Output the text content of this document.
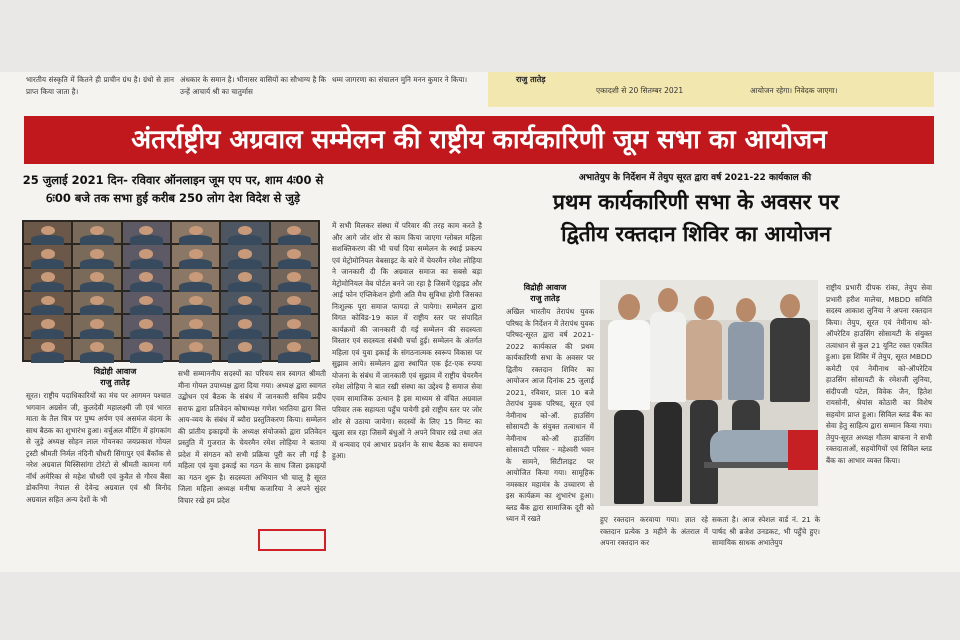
भारतीय संस्कृति में कितने ही प्राचीन ग्रंथ है। ग्रंथो से ज्ञान प्राप्त किया जाता है।
अंधकार के समान है। भीनासर वासियों का सौभाग्य है कि उन्हें आचार्य श्री का चातुर्मास
धम्म जागरणा का संचालन मुनि मनन कुमार ने किया।	राजु तातेड़
एकादशी से 20 सितम्बर 2021	आयोजन रहेगा। निवेदक जाएगा।
अंतर्राष्ट्रीय अग्रवाल सम्मेलन की राष्ट्रीय कार्यकारिणी जूम सभा का आयोजन
25 जुलाई 2021 दिन- रविवार ऑनलाइन जूम एप पर, शाम 4ः00 से
6ः00 बजे तक सभा हुई करीब 250 लोग देश विदेश से जुड़े
विद्रोही आवाज
राजु तातेड़
सूरत। राष्ट्रीय पदाधिकारियों का मंच पर आगमन पश्चात भगवान अग्रसेन जी, कुलदेवी महालक्ष्मी जी एवं भारत माता के तैल चित्र पर पुष्प अर्पण एवं असमंज वंदना के साथ बैठक का शुभारंभ हुआ। वर्चुअल मीटिंग में हांगकांग से जुड़े अध्यक्ष सोहन लाल गोयनका जयप्रकाश गोयल ट्रस्टी श्रीमती निर्मल नंदिनी चौधरी सिंगापुर एवं बैंकॉक से नरेश अग्रवाल मिस्सिसांगा टोरंटो से श्रीमती कामना गर्ग नॉर्थ अमेरिका से महेश चौधरी एवं कुवैत से गौरव बैंसा डोकनिया नेपाल से देवेन्द्र अग्रवाल एवं श्री विनोद अग्रवाल सहित अन्य देशों के भी
सभी सम्माननीय सदस्यों का परिचय सत्र स्वागत श्रीमती मीना गोयल उपाध्यक्ष द्वारा दिया गया। अध्यक्ष द्वारा स्वागत उद्बोधन एवं बैठक के संबंध में जानकारी सचिव प्रदीप सराफ द्वारा प्रतिवेदन कोषाध्यक्ष गणेश भरतिया द्वारा वित्त आय-व्यय के संबंध में ब्यौरा प्रस्तुतिकरण किया। सम्मेलन की प्रांतीय इकाइयों के अध्यक्ष संयोजको द्वारा प्रतिवेदन प्रस्तुति में गुजरात के चेयरमैन रमेश लोहिया ने बताया प्रदेश में संगठन को सभी प्रक्रिया पूरी कर ली गई है महिला एवं युवा इकाई का गठन के साथ जिला इकाइयों का गठन शुरू है। सदस्यता अभियान भी चालू है सूरत जिला महिला अध्यक्ष मनीषा कजारिया ने अपने सुंदर विचार रखे हम प्रदेश
में सभी मिलकर संस्था में परिवार की तरह काम करते है और आगे जोर शोर से काम किया जाएगा ग्लोबल महिला सशक्तिकरण की भी चर्चा दिया सम्मेलन के स्थाई प्रकल्प एवं मेट्रोमोनियल वेबसाइट के बारे में चेयरमैन रमेश लोहिया ने जानकारी दी कि अग्रवाल समाज का सबसे बड़ा मेट्रोमोनियल वेब पोर्टल बनने जा रहा है जिसमें एंड्राइड और आई फोन एप्लिकेशन होगी अति मैच सुविधा होगी जिसका निःशुल्क पूरा समाज फायदा ले पायेगा। सम्मेलन द्वारा विगत कोविड-19 काल में राष्ट्रीय स्तर पर संपादित कार्यक्रमों की जानकारी दी गई सम्मेलन की सदस्यता विस्तार एवं सदस्यता संबंधी चर्चा हुई। सम्मेलन के अंतर्गत महिला एवं युवा इकाई के संगठनात्मक स्वरूप विकास पर सुझाव आये। सम्मेलन द्वारा स्थापित एक ईट-एक रुपया योजना के संबंध में जानकारी एवं सुझाव में राष्ट्रीय चेयरमैन रमेश लोहिया ने बात रखी संस्था का उद्देश्य है समाज सेवा एवम सामाजिक उत्थान है इस माध्यम से वंचित अग्रवाल परिवार तक सहायता पहुँच पायेगी इसे राष्ट्रीय स्तर पर जोर शोर से उठाया जायेगा। सदस्यों के लिए 15 मिनट का खुला सत्र रहा जिसमें बंधुओं ने अपने विचार रखे तथा अंत में धन्यवाद एवं आभार प्रदर्शन के साथ बैठक का समापन हुआ।
अभातेयुप के निर्देशन में तेयुप सूरत द्वारा वर्ष 2021-22 कार्यकाल की
प्रथम कार्यकारिणी सभा के अवसर पर
द्वितीय रक्तदान शिविर का आयोजन
विद्रोही आवाज
राजु तातेड़
अखिल भारतीय तेरापंथ युवक परिषद के निर्देशन में तेरापंथ युवक परिषद-सूरत द्वारा वर्ष 2021-2022 कार्यकाल की प्रथम कार्यकारिणी सभा के अवसर पर द्वितीय रक्तदान शिविर का आयोजन आज दिनांक 25 जुलाई 2021, रविवार, प्रातः 10 बजे तेरापंथ युवक परिषद, सूरत एवं नेमीनाथ को-ऑ. हाउसिंग सोसायटी के संयुक्त तत्वाधान में नेमीनाथ को-ऑ हाउसिंग सोसायटी परिसर - महेश्वरी भवन के सामने, सिटीलाइट पर आयोजित किया गया। सामूहिक नमस्कार महामंत्र के उच्चारण से इस कार्यक्रम का शुभारंभ हुआ। ब्लड बैंक द्वारा सामाजिक दूरी को ध्यान में रखते	हुए रक्तदान करवाया गया। ज्ञात रहे रक्तदान प्रत्येक 3 महीने के अंतराल में अपना रक्तदान कर
सकता है। आज स्पेशल वार्ड नं. 21 के पार्षद श्री ब्रजेश उनडकट, भी पहुँचे हुए। सामायिक साधक अभातेयुप
राष्ट्रीय प्रभारी दीपक रांका, तेयुप सेवा प्रभारी हरीश मालेचा, MBDD समिति सदस्य आकाश लुनिया ने अपना रक्तदान किया। तेयुप, सूरत एवं नेमीनाथ को-ऑपरेटिव हाउसिंग सोसायटी के संयुक्त तत्वाधान से कुल 21 यूनिट रक्त एकत्रित हुआ। इस शिविर में तेयुप, सूरत MBDD कमेटी एवं नेमीनाथ को-ऑपरेटिव हाउसिंग सोसायटी के रमेशजी लुनिया, संदीपजी पटेल, विवेक जैन, हितेश रायसोनी, श्रेयांस कोठारी का विशेष सहयोग प्राप्त हुआ। सिविल ब्लड बैंक का सेवा हेतु साहित्य द्वारा सम्मान किया गया। तेयुप-सूरत अध्यक्ष गौतम बाफना ने सभी रक्तदाताओं, सहयोगियों एवं सिविल ब्लड बैंक का आभार व्यक्त किया।
